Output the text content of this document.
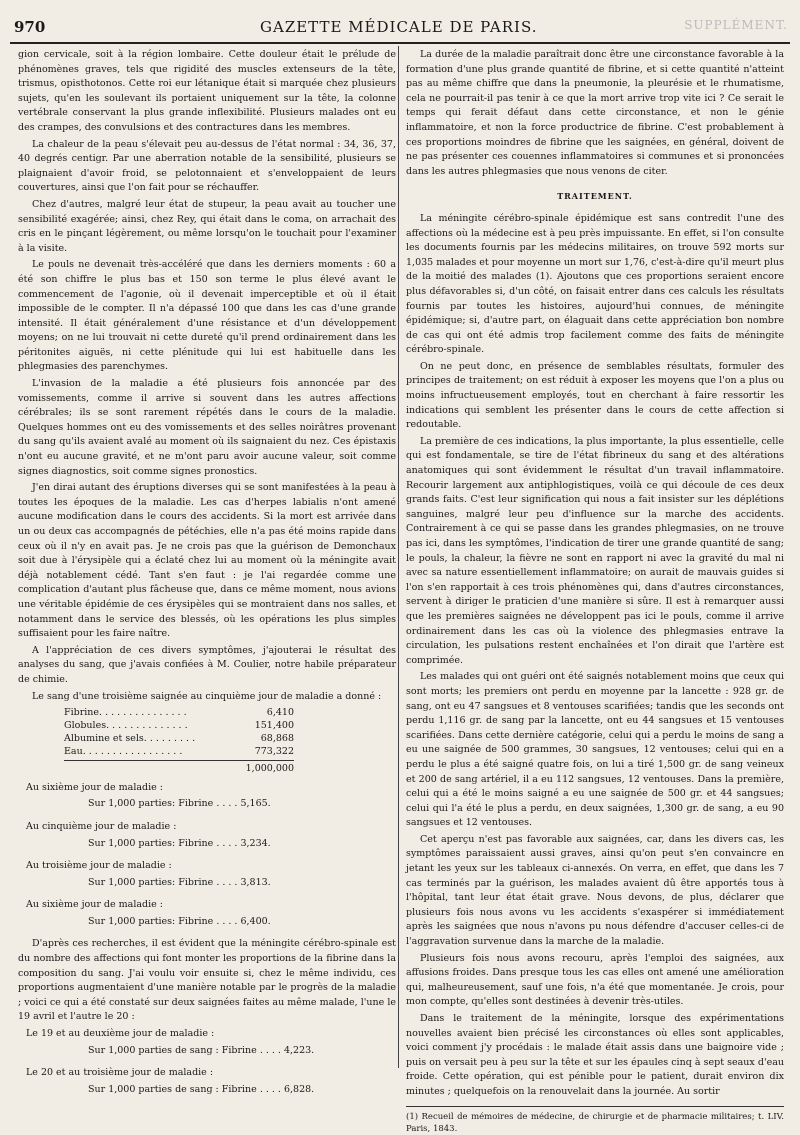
970	GAZETTE MÉDICALE DE PARIS.	SUPPLÉMENT.

gion cervicale, soit à la région lombaire. Cette douleur était le prélude de phénomènes graves, tels que rigidité des muscles extenseurs de la tête, trismus, opisthotonos. Cette roi eur létanique était si marquée chez plusieurs sujets, qu'en les soulevant ils portaient uniquement sur la tête, la colonne vertébrale conservant la plus grande inflexibilité. Plusieurs malades ont eu des crampes, des convulsions et des contractures dans les membres.

La chaleur de la peau s'élevait peu au-dessus de l'état normal : 34, 36, 37, 40 degrés centigr. Par une aberration notable de la sensibilité, plusieurs se plaignaient d'avoir froid, se pelotonnaient et s'enveloppaient de leurs couvertures, ainsi que l'on fait pour se réchauffer.

Chez d'autres, malgré leur état de stupeur, la peau avait au toucher une sensibilité exagérée; ainsi, chez Rey, qui était dans le coma, on arrachait des cris en le pinçant légèrement, ou même lorsqu'on le touchait pour l'examiner à la visite.

Le pouls ne devenait très-accéléré que dans les derniers moments : 60 a été son chiffre le plus bas et 150 son terme le plus élevé avant le commencement de l'agonie, où il devenait imperceptible et où il était impossible de le compter. Il n'a dépassé 100 que dans les cas d'une grande intensité. Il était généralement d'une résistance et d'un développement moyens; on ne lui trouvait ni cette dureté qu'il prend ordinairement dans les péritonites aiguës, ni cette plénitude qui lui est habituelle dans les phlegmasies des parenchymes.

L'invasion de la maladie a été plusieurs fois annoncée par des vomissements, comme il arrive si souvent dans les autres affections cérébrales; ils se sont rarement répétés dans le cours de la maladie. Quelques hommes ont eu des vomissements et des selles noirâtres provenant du sang qu'ils avaient avalé au moment où ils saignaient du nez. Ces épistaxis n'ont eu aucune gravité, et ne m'ont paru avoir aucune valeur, soit comme signes diagnostics, soit comme signes pronostics.

J'en dirai autant des éruptions diverses qui se sont manifestées à la peau à toutes les époques de la maladie. Les cas d'herpes labialis n'ont amené aucune modification dans le cours des accidents. Si la mort est arrivée dans un ou deux cas accompagnés de pétéchies, elle n'a pas été moins rapide dans ceux où il n'y en avait pas. Je ne crois pas que la guérison de Demonchaux soit due à l'érysipèle qui a éclaté chez lui au moment où la méningite avait déjà notablement cédé. Tant s'en faut : je l'ai regardée comme une complication d'autant plus fâcheuse que, dans ce même moment, nous avions une véritable épidémie de ces érysipèles qui se montraient dans nos salles, et notamment dans le service des blessés, où les opérations les plus simples suffisaient pour les faire naître.

A l'appréciation de ces divers symptômes, j'ajouterai le résultat des analyses du sang, que j'avais confiées à M. Coulier, notre habile préparateur de chimie.

Le sang d'une troisième saignée au cinquième jour de maladie a donné :

Fibrine. . . . . . . . . . . . . . .	6,410
Globules. . . . . . . . . . . . . .	151,400
Albumine et sels. . . . . . . . .	68,868
Eau. . . . . . . . . . . . . . . . .	773,322
1,000,000
Au sixième jour de maladie :
Sur 1,000 parties: Fibrine . . . . 5,165.
Au cinquième jour de maladie :
Sur 1,000 parties: Fibrine . . . . 3,234.
Au troisième jour de maladie :
Sur 1,000 parties: Fibrine . . . . 3,813.
Au sixième jour de maladie :
Sur 1,000 parties: Fibrine . . . . 6,400.

D'après ces recherches, il est évident que la méningite cérébro-spinale est du nombre des affections qui font monter les proportions de la fibrine dans la composition du sang. J'ai voulu voir ensuite si, chez le même individu, ces proportions augmentaient d'une manière notable par le progrès de la maladie ; voici ce qui a été constaté sur deux saignées faites au même malade, l'une le 19 avril et l'autre le 20 :

Le 19 et au deuxième jour de maladie :
Sur 1,000 parties de sang : Fibrine . . . . 4,223.
Le 20 et au troisième jour de maladie :
Sur 1,000 parties de sang : Fibrine . . . . 6,828.

La durée de la maladie paraîtrait donc être une circonstance favorable à la formation d'une plus grande quantité de fibrine, et si cette quantité n'atteint pas au même chiffre que dans la pneumonie, la pleurésie et le rhumatisme, cela ne pourrait-il pas tenir à ce que la mort arrive trop vite ici ? Ce serait le temps qui ferait défaut dans cette circonstance, et non le génie inflammatoire, et non la force productrice de fibrine. C'est probablement à ces proportions moindres de fibrine que les saignées, en général, doivent de ne pas présenter ces couennes inflammatoires si communes et si prononcées dans les autres phlegmasies que nous venons de citer.

TRAITEMENT.

La méningite cérébro-spinale épidémique est sans contredit l'une des affections où la médecine est à peu près impuissante. En effet, si l'on consulte les documents fournis par les médecins militaires, on trouve 592 morts sur 1,035 malades et pour moyenne un mort sur 1,76, c'est-à-dire qu'il meurt plus de la moitié des malades (1). Ajoutons que ces proportions seraient encore plus défavorables si, d'un côté, on faisait entrer dans ces calculs les résultats fournis par toutes les histoires, aujourd'hui connues, de méningite épidémique; si, d'autre part, on élaguait dans cette appréciation bon nombre de cas qui ont été admis trop facilement comme des faits de méningite cérébro-spinale.

On ne peut donc, en présence de semblables résultats, formuler des principes de traitement; on est réduit à exposer les moyens que l'on a plus ou moins infructueusement employés, tout en cherchant à faire ressortir les indications qui semblent les présenter dans le cours de cette affection si redoutable.

La première de ces indications, la plus importante, la plus essentielle, celle qui est fondamentale, se tire de l'état fibrineux du sang et des altérations anatomiques qui sont évidemment le résultat d'un travail inflammatoire. Recourir largement aux antiphlogistiques, voilà ce qui découle de ces deux grands faits. C'est leur signification qui nous a fait insister sur les déplétions sanguines, malgré leur peu d'influence sur la marche des accidents. Contrairement à ce qui se passe dans les grandes phlegmasies, on ne trouve pas ici, dans les symptômes, l'indication de tirer une grande quantité de sang; le pouls, la chaleur, la fièvre ne sont en rapport ni avec la gravité du mal ni avec sa nature essentiellement inflammatoire; on aurait de mauvais guides si l'on s'en rapportait à ces trois phénomènes qui, dans d'autres circonstances, servent à diriger le praticien d'une manière si sûre. Il est à remarquer aussi que les premières saignées ne développent pas ici le pouls, comme il arrive ordinairement dans les cas où la violence des phlegmasies entrave la circulation, les pulsations restent enchaînées et l'on dirait que l'artère est comprimée.

Les malades qui ont guéri ont été saignés notablement moins que ceux qui sont morts; les premiers ont perdu en moyenne par la lancette : 928 gr. de sang, ont eu 47 sangsues et 8 ventouses scarifiées; tandis que les seconds ont perdu 1,116 gr. de sang par la lancette, ont eu 44 sangsues et 15 ventouses scarifiées. Dans cette dernière catégorie, celui qui a perdu le moins de sang a eu une saignée de 500 grammes, 30 sangsues, 12 ventouses; celui qui en a perdu le plus a été saigné quatre fois, on lui a tiré 1,500 gr. de sang veineux et 200 de sang artériel, il a eu 112 sangsues, 12 ventouses. Dans la première, celui qui a été le moins saigné a eu une saignée de 500 gr. et 44 sangsues; celui qui l'a été le plus a perdu, en deux saignées, 1,300 gr. de sang, a eu 90 sangsues et 12 ventouses.

Cet aperçu n'est pas favorable aux saignées, car, dans les divers cas, les symptômes paraissaient aussi graves, ainsi qu'on peut s'en convaincre en jetant les yeux sur les tableaux ci-annexés. On verra, en effet, que dans les 7 cas terminés par la guérison, les malades avaient dû être apportés tous à l'hôpital, tant leur état était grave. Nous devons, de plus, déclarer que plusieurs fois nous avons vu les accidents s'exaspérer si immédiatement après les saignées que nous n'avons pu nous défendre d'accuser celles-ci de l'aggravation survenue dans la marche de la maladie.

Plusieurs fois nous avons recouru, après l'emploi des saignées, aux affusions froides. Dans presque tous les cas elles ont amené une amélioration qui, malheureusement, sauf une fois, n'a été que momentanée. Je crois, pour mon compte, qu'elles sont destinées à devenir très-utiles.

Dans le traitement de la méningite, lorsque des expérimentations nouvelles avaient bien précisé les circonstances où elles sont applicables, voici comment j'y procédais : le malade était assis dans une baignoire vide ; puis on versait peu à peu sur la tête et sur les épaules cinq à sept seaux d'eau froide. Cette opération, qui est pénible pour le patient, durait environ dix minutes ; quelquefois on la renouvelait dans la journée. Au sortir

(1) Recueil de mémoires de médecine, de chirurgie et de pharmacie militaires; t. LIV. Paris, 1843.
